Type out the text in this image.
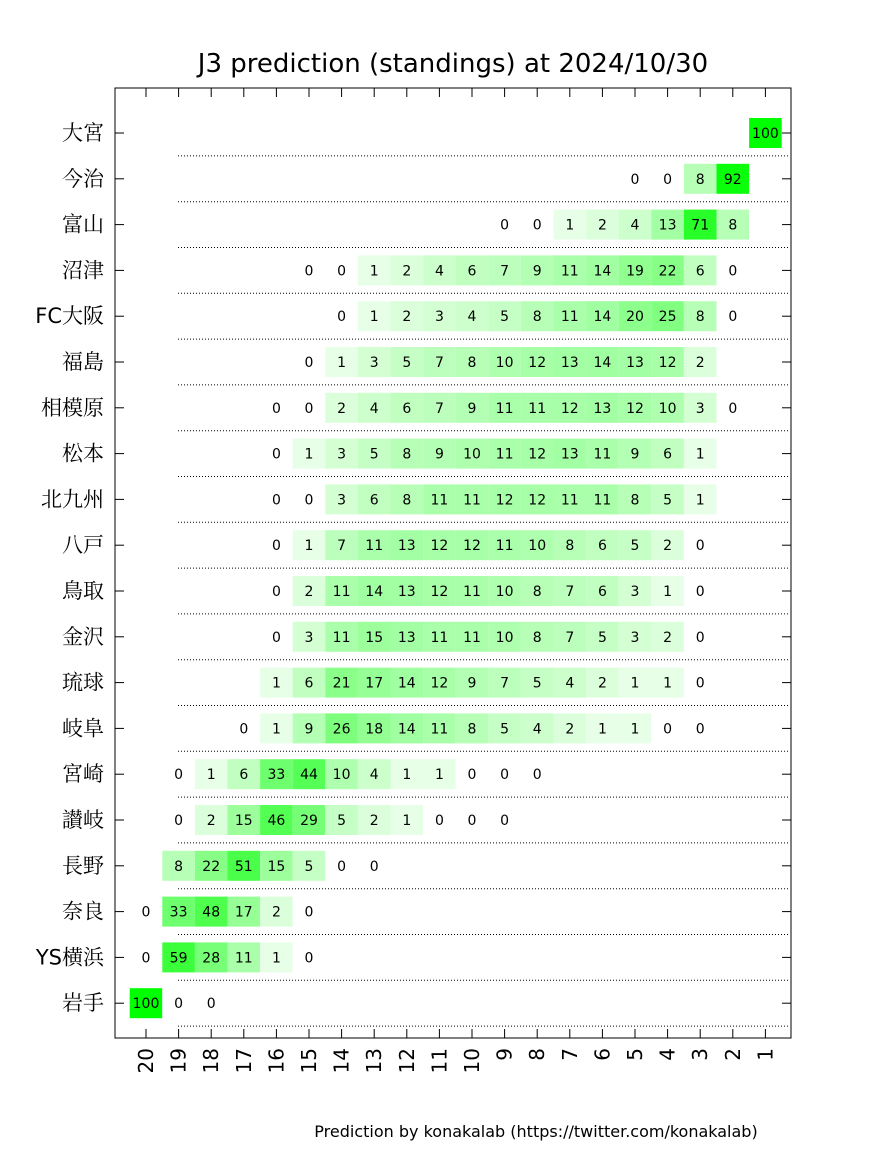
J3 prediction (standings) at 2024/10/30
100
0 0 8 92
0 0 1 2 4 13 71 8
0 0 1 2 4 6 7 9 11 14 19 22 6 0
0 1 2 3 4 5 8 11 14 20 25 8 0
0 1 3 5 7 8 10 12 13 14 13 12 2
0 0 2 4 6 7 9 11 11 12 13 12 10 3 0
0 1 3 5 8 9 10 11 12 13 11 9 6 1
0 0 3 6 8 11 11 12 12 11 11 8 5 1
0 1 7 11 13 12 12 11 10 8 6 5 2 0
0 2 11 14 13 12 11 10 8 7 6 3 1 0
0 3 11 15 13 11 11 10 8 7 5 3 2 0
1 6 21 17 14 12 9 7 5 4 2 1 1 0
0 1 9 26 18 14 11 8 5 4 2 1 1 0 0
0 1 6 33 44 10 4 1 1 0 0 0
0 2 15 46 29 5 2 1 0 0 0
8 22 51 15 5 0 0
0 33 48 17 2 0
0 59 28 11 1 0
100 0 0
大宮
今治
富山
沼津
FC大阪
福島
相模原
松本
北九州
八戸
鳥取
金沢
琉球
岐阜
宮崎
讃岐
長野
奈良
YS横浜
岩手
20 19 18 17 16 15 14 13 12 11 10 9 8 7 6 5 4 3 2 1
Prediction by konakalab (https://twitter.com/konakalab)
